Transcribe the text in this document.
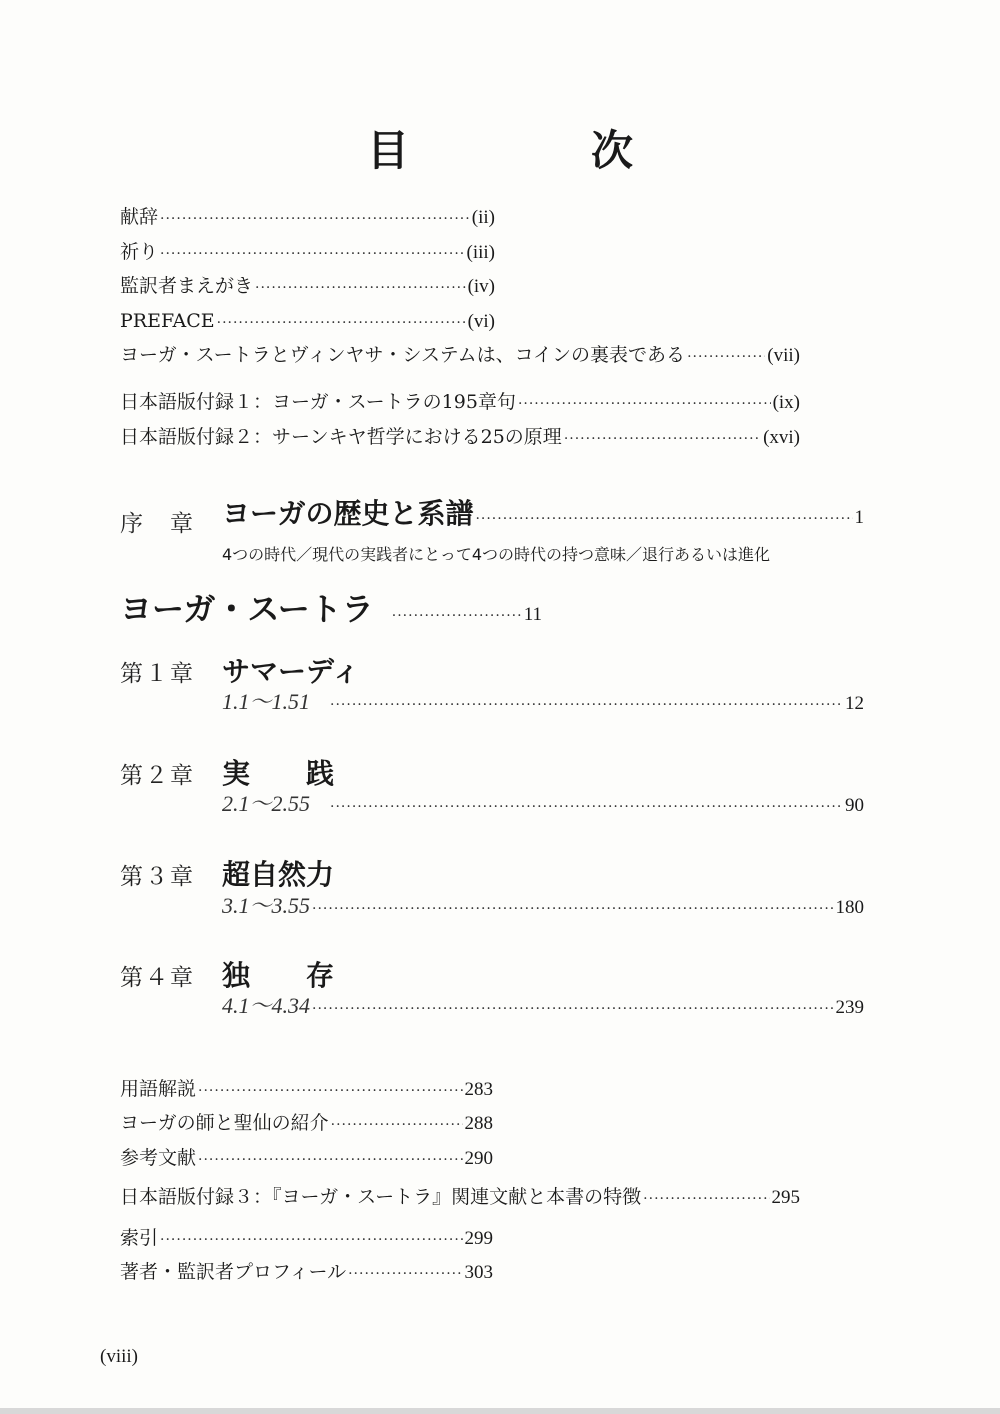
目　次
献辞 ·····	(ii)
祈り ·····	(iii)
監訳者まえがき ·····	(iv)
PREFACE ·····	(vi)
ヨーガ・スートラとヴィンヤサ・システムは、コインの裏表である ·····	(vii)
日本語版付録１：ヨーガ・スートラの195章句 ·····	(ix)
日本語版付録２：サーンキヤ哲学における25の原理 ·····	(xvi)
序　章 ヨーガの歴史と系譜 ·····	1
4つの時代／現代の実践者にとって4つの時代の持つ意味／退行あるいは進化
ヨーガ・スートラ ·····	11
第１章 サマーディ
1.1〜1.51 ·····	12
第２章 実　　践
2.1〜2.55 ·····	90
第３章 超自然力
3.1〜3.55 ·····	180
第４章 独　　存
4.1〜4.34 ·····	239
用語解説 ·····	283
ヨーガの師と聖仙の紹介 ·····	288
参考文献 ·····	290
日本語版付録３：『ヨーガ・スートラ』関連文献と本書の特徴 ·····	295
索引 ·····	299
著者・監訳者プロフィール ·····	303
(viii)
